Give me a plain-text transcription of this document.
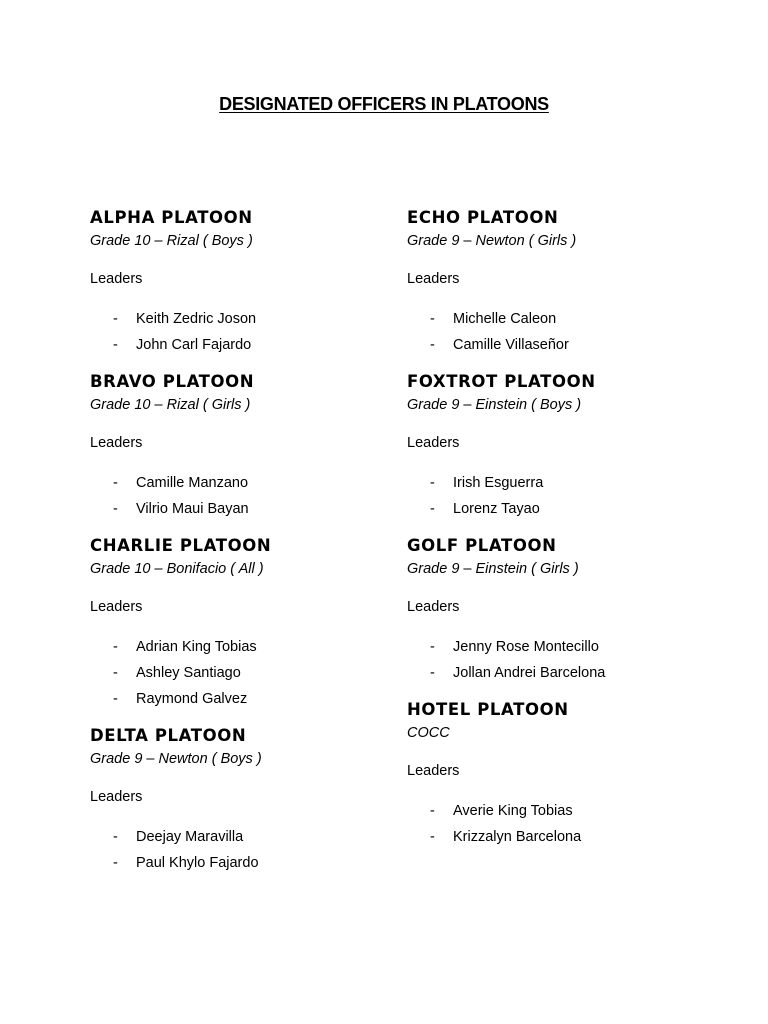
DESIGNATED OFFICERS IN PLATOONS
ALPHA PLATOON
Grade 10 – Rizal ( Boys )
Leaders
- Keith Zedric Joson
- John Carl Fajardo
BRAVO PLATOON
Grade 10 – Rizal ( Girls )
Leaders
- Camille Manzano
- Vilrio Maui Bayan
CHARLIE PLATOON
Grade 10 – Bonifacio ( All )
Leaders
- Adrian King Tobias
- Ashley Santiago
- Raymond Galvez
DELTA PLATOON
Grade 9 – Newton ( Boys )
Leaders
- Deejay Maravilla
- Paul Khylo Fajardo
ECHO PLATOON
Grade 9 – Newton ( Girls )
Leaders
- Michelle Caleon
- Camille Villaseñor
FOXTROT PLATOON
Grade 9 – Einstein ( Boys )
Leaders
- Irish Esguerra
- Lorenz Tayao
GOLF PLATOON
Grade 9 – Einstein ( Girls )
Leaders
- Jenny Rose Montecillo
- Jollan Andrei Barcelona
HOTEL PLATOON
COCC
Leaders
- Averie King Tobias
- Krizzalyn Barcelona
